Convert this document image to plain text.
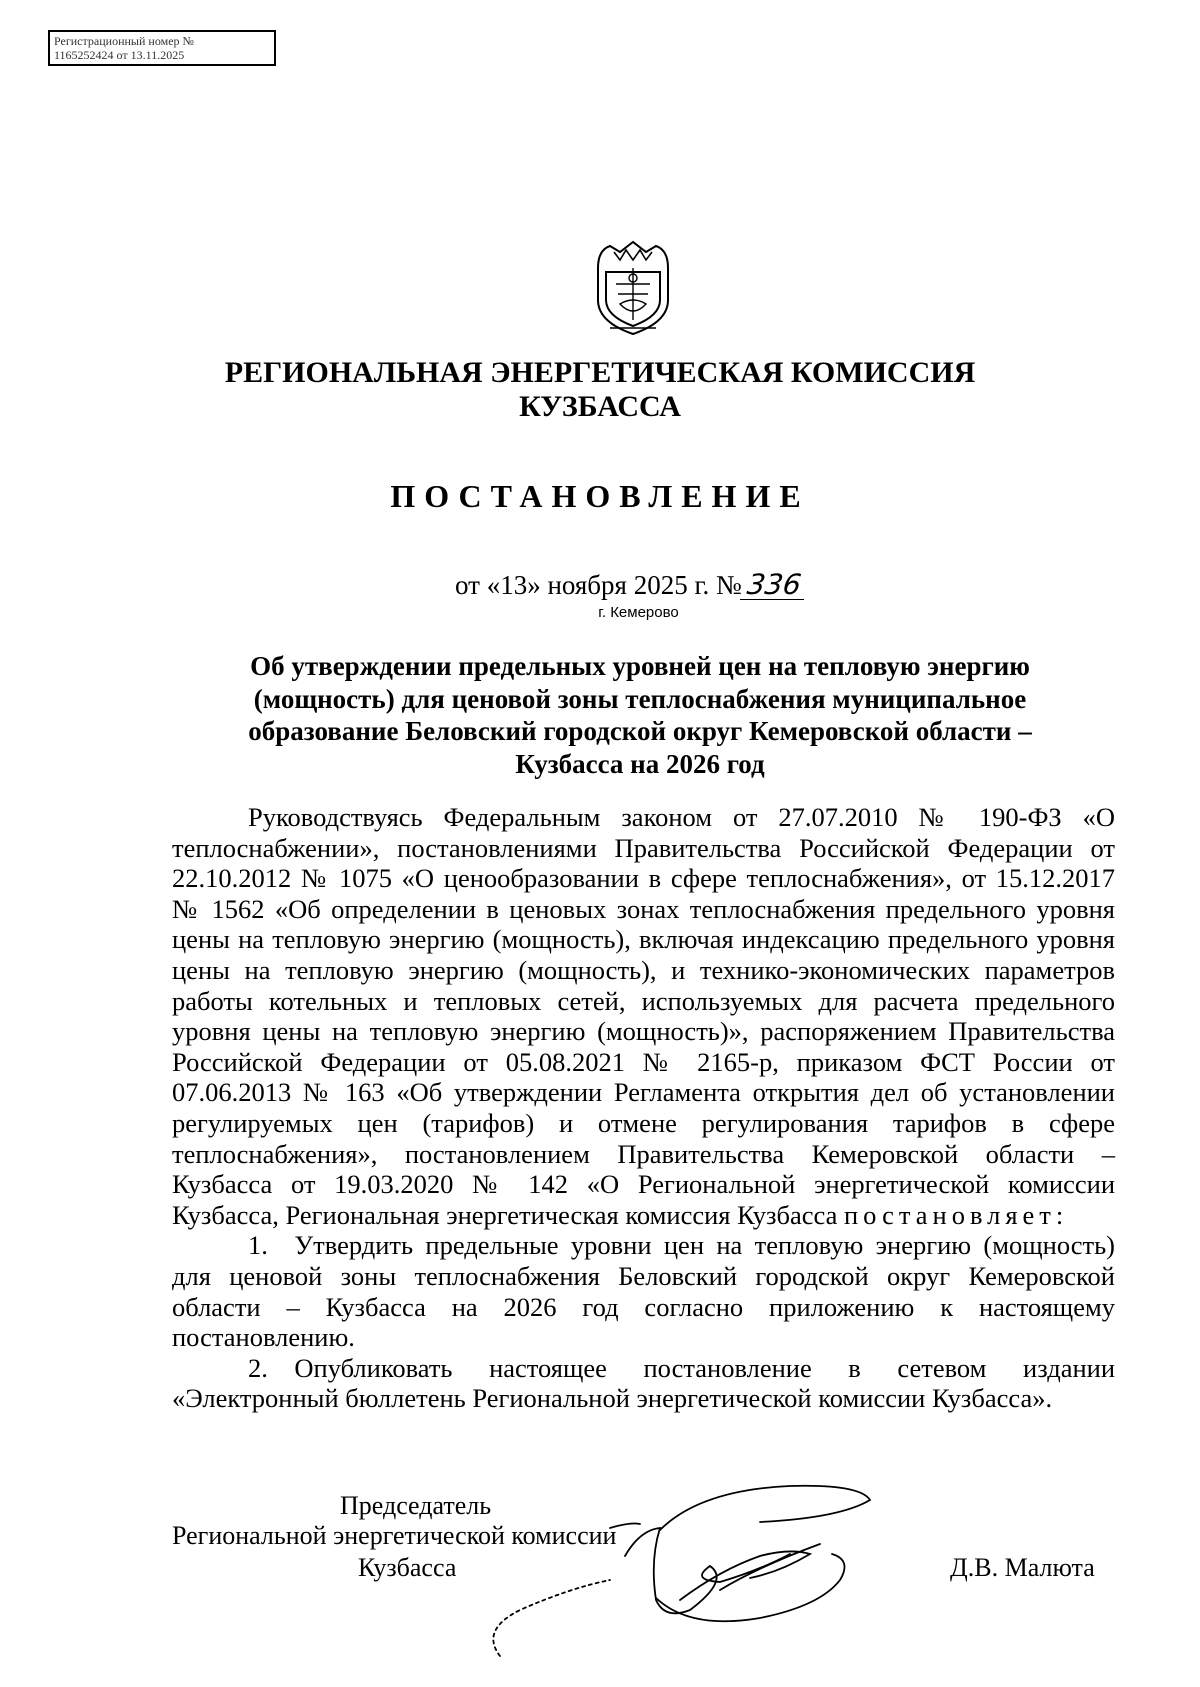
Регистрационный номер №
1165252424 от 13.11.2025
РЕГИОНАЛЬНАЯ ЭНЕРГЕТИЧЕСКАЯ КОМИССИЯ
КУЗБАССА
ПОСТАНОВЛЕНИЕ
от «13» ноября 2025 г. № 336
г. Кемерово
Об утверждении предельных уровней цен на тепловую энергию
(мощность) для ценовой зоны теплоснабжения муниципальное
образование Беловский городской округ Кемеровской области –
Кузбасса на 2026 год

Руководствуясь Федеральным законом от 27.07.2010 № 190-ФЗ «О теплоснабжении», постановлениями Правительства Российской Федерации от 22.10.2012 № 1075 «О ценообразовании в сфере теплоснабжения», от 15.12.2017 № 1562 «Об определении в ценовых зонах теплоснабжения предельного уровня цены на тепловую энергию (мощность), включая индексацию предельного уровня цены на тепловую энергию (мощность), и технико-экономических параметров работы котельных и тепловых сетей, используемых для расчета предельного уровня цены на тепловую энергию (мощность)», распоряжением Правительства Российской Федерации от 05.08.2021 № 2165-р, приказом ФСТ России от 07.06.2013 № 163 «Об утверждении Регламента открытия дел об установлении регулируемых цен (тарифов) и отмене регулирования тарифов в сфере теплоснабжения», постановлением Правительства Кемеровской области – Кузбасса от 19.03.2020 № 142 «О Региональной энергетической комиссии Кузбасса, Региональная энергетическая комиссия Кузбасса постановляет:

1. Утвердить предельные уровни цен на тепловую энергию (мощность) для ценовой зоны теплоснабжения Беловский городской округ Кемеровской области – Кузбасса на 2026 год согласно приложению к настоящему постановлению.

2. Опубликовать настоящее постановление в сетевом издании «Электронный бюллетень Региональной энергетической комиссии Кузбасса».

Председатель
Региональной энергетической комиссии
Кузбасса	Д.В. Малюта
